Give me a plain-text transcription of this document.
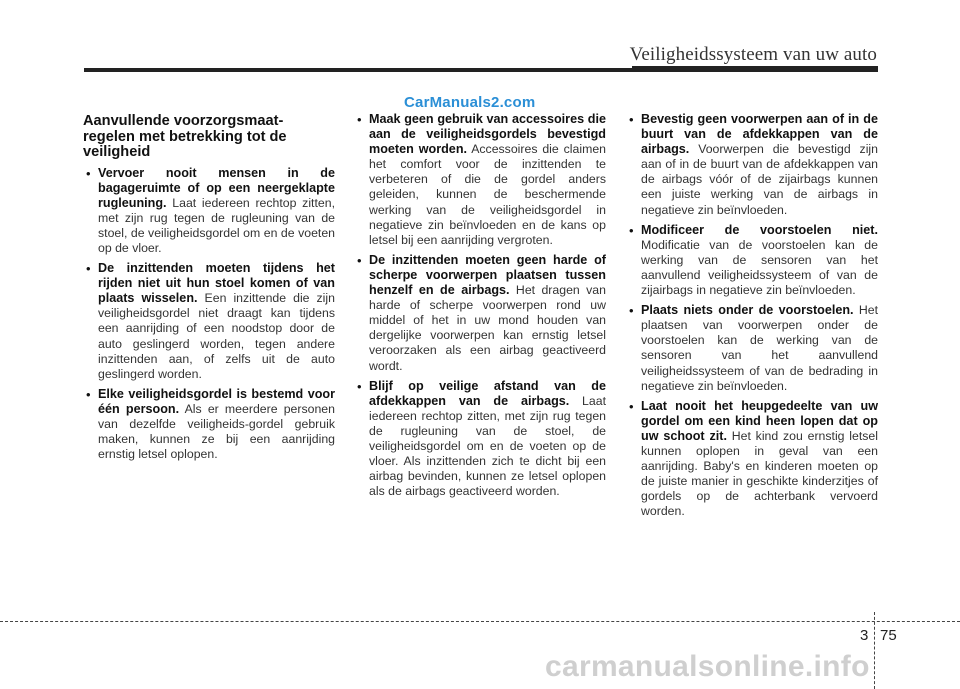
Veiligheidssysteem van uw auto
CarManuals2.com
Aanvullende voorzorgsmaat-regelen met betrekking tot de veiligheid
• Vervoer nooit mensen in de bagageruimte of op een neergeklapte rugleuning. Laat iedereen rechtop zitten, met zijn rug tegen de rugleuning van de stoel, de veiligheidsgordel om en de voeten op de vloer.
• De inzittenden moeten tijdens het rijden niet uit hun stoel komen of van plaats wisselen. Een inzittende die zijn veiligheidsgordel niet draagt kan tijdens een aanrijding of een noodstop door de auto geslingerd worden, tegen andere inzittenden aan, of zelfs uit de auto geslingerd worden.
• Elke veiligheidsgordel is bestemd voor één persoon. Als er meerdere personen van dezelfde veiligheids-gordel gebruik maken, kunnen ze bij een aanrijding ernstig letsel oplopen.
• Maak geen gebruik van accessoires die aan de veiligheidsgordels bevestigd moeten worden. Accessoires die claimen het comfort voor de inzittenden te verbeteren of die de gordel anders geleiden, kunnen de beschermende werking van de veiligheidsgordel in negatieve zin beïnvloeden en de kans op letsel bij een aanrijding vergroten.
• De inzittenden moeten geen harde of scherpe voorwerpen plaatsen tussen henzelf en de airbags. Het dragen van harde of scherpe voorwerpen rond uw middel of het in uw mond houden van dergelijke voorwerpen kan ernstig letsel veroorzaken als een airbag geactiveerd wordt.
• Blijf op veilige afstand van de afdekkappen van de airbags. Laat iedereen rechtop zitten, met zijn rug tegen de rugleuning van de stoel, de veiligheidsgordel om en de voeten op de vloer. Als inzittenden zich te dicht bij een airbag bevinden, kunnen ze letsel oplopen als de airbags geactiveerd worden.
• Bevestig geen voorwerpen aan of in de buurt van de afdekkappen van de airbags. Voorwerpen die bevestigd zijn aan of in de buurt van de afdekkappen van de airbags vóór of de zijairbags kunnen een juiste werking van de airbags in negatieve zin beïnvloeden.
• Modificeer de voorstoelen niet. Modificatie van de voorstoelen kan de werking van de sensoren van het aanvullend veiligheidssysteem of van de zijairbags in negatieve zin beïnvloeden.
• Plaats niets onder de voorstoelen. Het plaatsen van voorwerpen onder de voorstoelen kan de werking van de sensoren van het aanvullend veiligheidssysteem of van de bedrading in negatieve zin beïnvloeden.
• Laat nooit het heupgedeelte van uw gordel om een kind heen lopen dat op uw schoot zit. Het kind zou ernstig letsel kunnen oplopen in geval van een aanrijding. Baby's en kinderen moeten op de juiste manier in geschikte kinderzitjes of gordels op de achterbank vervoerd worden.
3 75
carmanualsonline.info
